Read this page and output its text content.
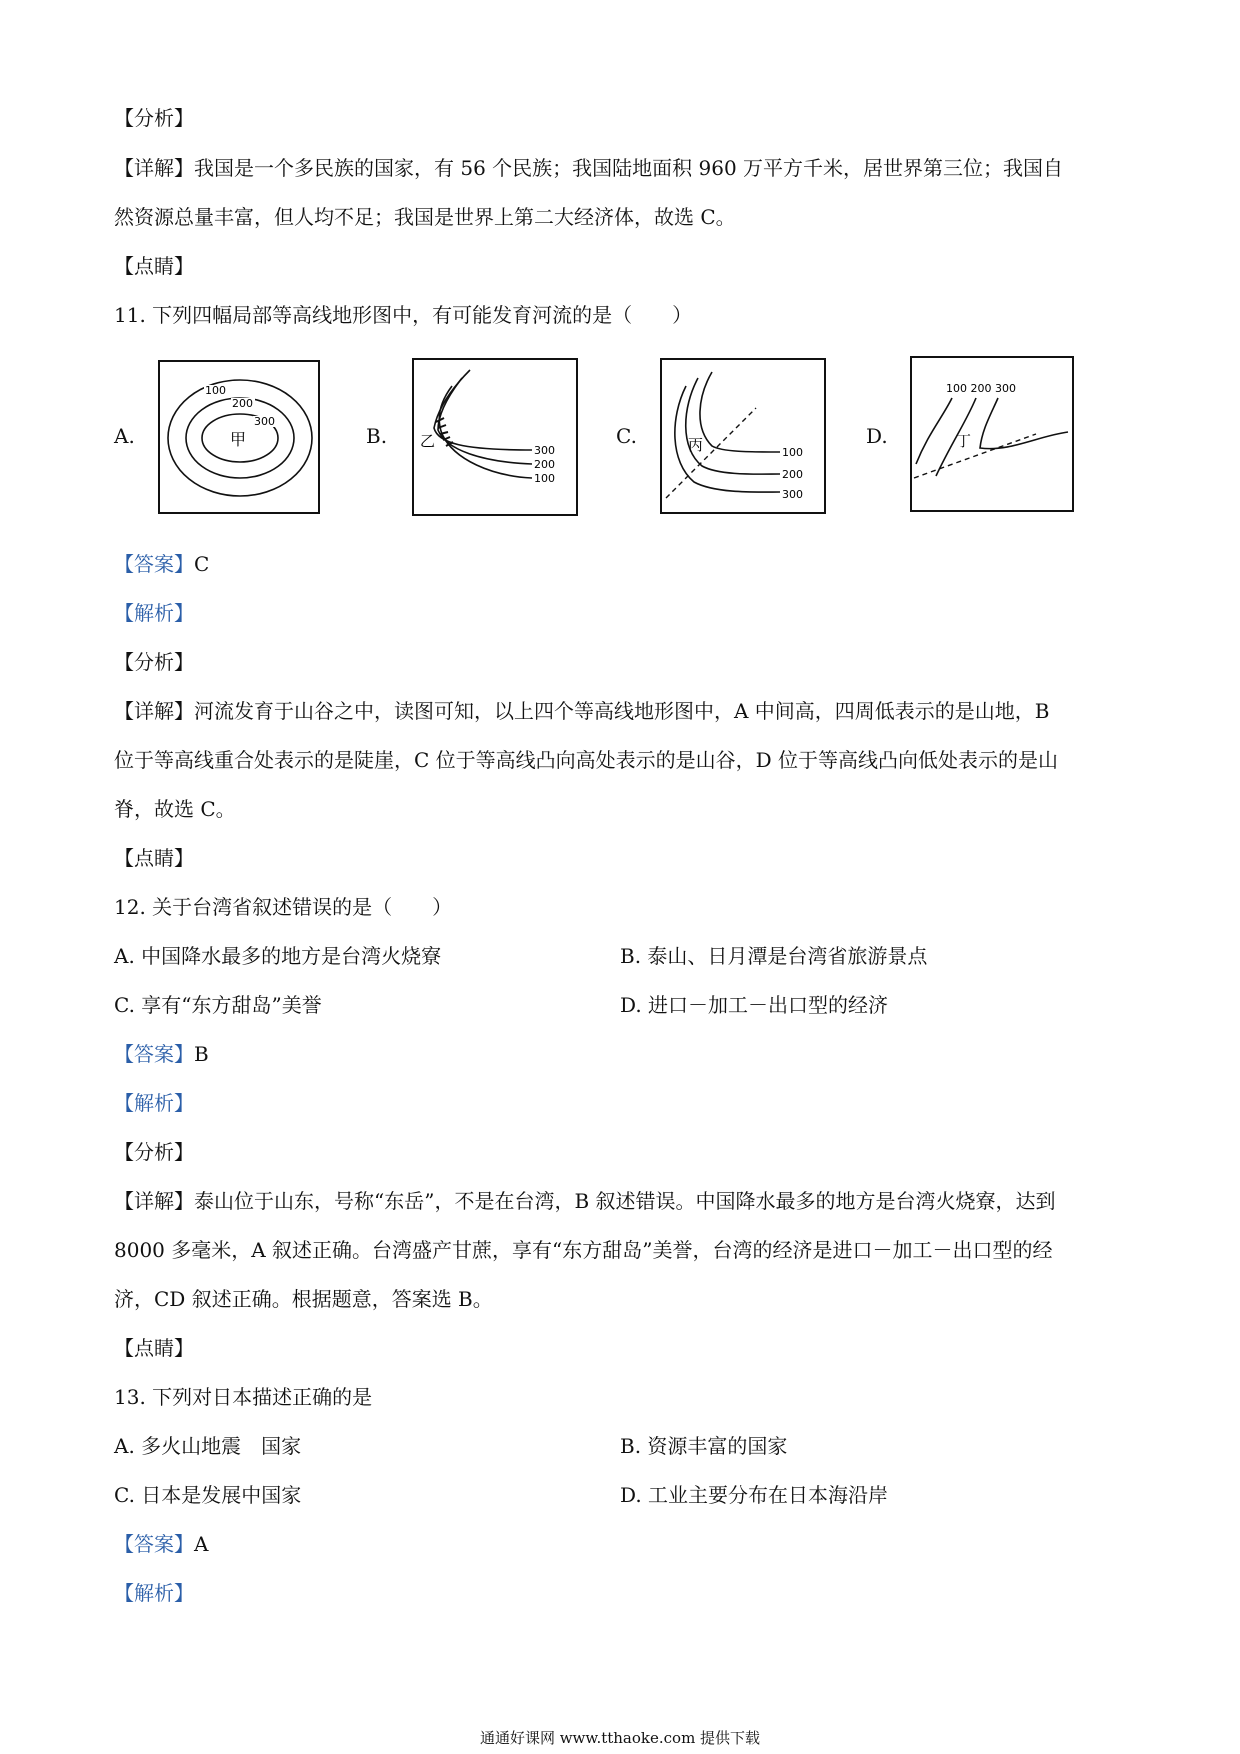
【分析】
【详解】我国是一个多民族的国家，有 56 个民族；我国陆地面积 960 万平方千米，居世界第三位；我国自
然资源总量丰富，但人均不足；我国是世界上第二大经济体，故选 C。
【点睛】
11. 下列四幅局部等高线地形图中，有可能发育河流的是（　　）
A.
100
200
300
甲	B. 乙
300
200
100
C.	丙	100
200
300
D.
100 200 300
丁
【答案】C
【解析】
【分析】
【详解】河流发育于山谷之中，读图可知，以上四个等高线地形图中，A 中间高，四周低表示的是山地，B
位于等高线重合处表示的是陡崖，C 位于等高线凸向高处表示的是山谷，D 位于等高线凸向低处表示的是山
脊，故选 C。
【点睛】
12. 关于台湾省叙述错误的是（　　）
A. 中国降水最多的地方是台湾火烧寮	B. 泰山、日月潭是台湾省旅游景点
C. 享有“东方甜岛”美誉	D. 进口－加工－出口型的经济
【答案】B
【解析】
【分析】
【详解】泰山位于山东，号称“东岳”，不是在台湾，B 叙述错误。中国降水最多的地方是台湾火烧寮，达到
8000 多毫米，A 叙述正确。台湾盛产甘蔗，享有“东方甜岛”美誉，台湾的经济是进口－加工－出口型的经
济，CD 叙述正确。根据题意，答案选 B。
【点睛】
13. 下列对日本描述正确的是
A. 多火山地震　国家	B. 资源丰富的国家
C. 日本是发展中国家	D. 工业主要分布在日本海沿岸
【答案】A
【解析】
通通好课网 www.tthaoke.com 提供下载
